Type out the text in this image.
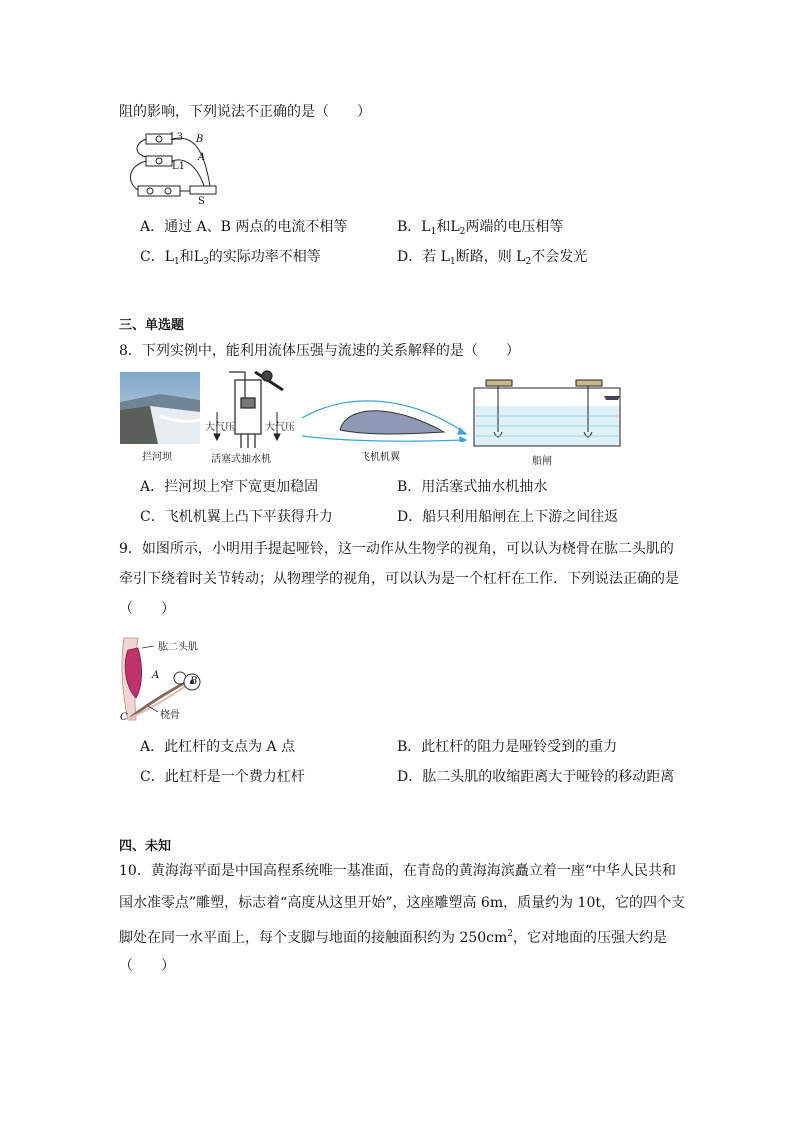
阻的影响，下列说法不正确的是（　　）
L3
L1
B
A
S
A．通过 A、B 两点的电流不相等	B．$L_1$和$L_2$两端的电压相等
C．$L_1$和$L_3$的实际功率不相等	D．若 $L_1$断路，则 $L_2$不会发光
三、单选题
8．下列实例中，能利用流体压强与流速的关系解释的是（　　）
拦河坝
大气压	大气压
活塞式抽水机	飞机机翼	船闸
A．拦河坝上窄下宽更加稳固	B．用活塞式抽水机抽水
C．飞机机翼上凸下平获得升力	D．船只利用船闸在上下游之间往返
9．如图所示，小明用手提起哑铃，这一动作从生物学的视角，可以认为桡骨在肱二头肌的
牵引下绕着时关节转动；从物理学的视角，可以认为是一个杠杆在工作．下列说法正确的是
（　　）
肱二头肌
A
B
C	桡骨
A．此杠杆的支点为 A 点	B．此杠杆的阻力是哑铃受到的重力
C．此杠杆是一个费力杠杆	D．肱二头肌的收缩距离大于哑铃的移动距离
四、未知
10．黄海海平面是中国高程系统唯一基准面，在青岛的黄海海滨矗立着一座“中华人民共和
国水准零点”雕塑，标志着“高度从这里开始”，这座雕塑高 6m，质量约为 10t，它的四个支
脚处在同一水平面上，每个支脚与地面的接触面积约为 $250cm^2$，它对地面的压强大约是
（　　）
